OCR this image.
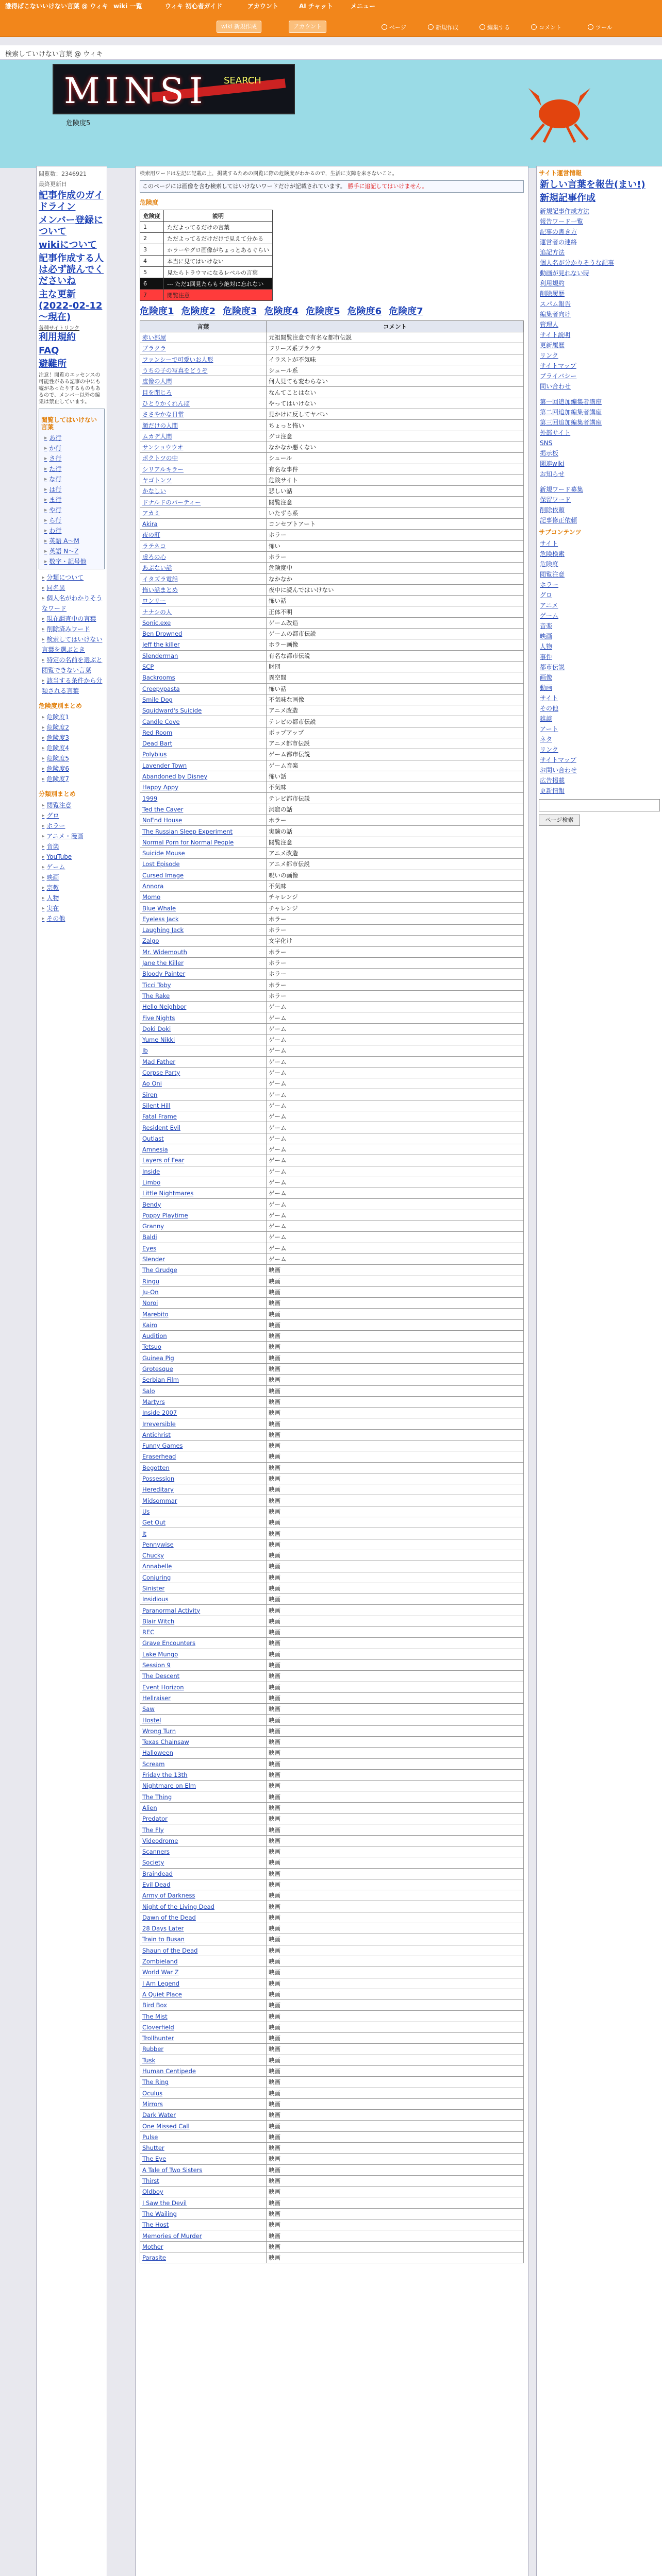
誰得ぱこないいけない言葉 @ ウィキ wiki 一覧	ウィキ 初心者ガイド	アカウント	AI チャット	メニュー
wiki 新規作成	アカウント	ページ	新規作成	編集する	コメント	ツール
検索していけない言葉 @ ウィキ
MINSI SEARCH
危険度5
閲覧数：2346921
最終更新日
記事作成のガイドライン
メンバー登録について
wikiについて
記事作成する人は必ず読んでくださいね
主な更新(2022-02-12～現在)
各種サイトリンク
利用規約
FAQ
避難所
注意！閲覧のエッセンスの可能性がある記事の中にも嘘があったりするものもあるので、メンバー以外の編集は禁止しています。
閲覧してはいけない言葉
▶ あ行
▶ か行
▶ さ行
▶ た行
▶ な行
▶ は行
▶ ま行
▶ や行
▶ ら行
▶ わ行
▶ 英語 A～M
▶ 英語 N～Z
▶ 数字・記号他
▶ 分類について
▶ 同名異
▶ 個人名がわかりそうなワード
▶ 現在調査中の言葉
▶ 削除済みワード
▶ 検索してはいけない言葉を選ぶとき
▶ 特定の名前を選ぶと閲覧できない言葉
▶ 該当する条件から分類される言葉
危険度別まとめ
▶ 危険度1
▶ 危険度2
▶ 危険度3
▶ 危険度4
▶ 危険度5
▶ 危険度6
▶ 危険度7
分類別まとめ
▶ 閲覧注意
▶ グロ
▶ ホラー
▶ アニメ・漫画
▶ 音楽
▶ YouTube
▶ ゲーム
▶ 映画
▶ 宗教
▶ 人物
▶ 実在
▶ その他
検索用ワードは左記に記載の上，掲載するための閲覧に際の危険度がわかるので，生活に支障を来さないこと。
このページには画像を含む検索してはいけないワードだけが記載されています。 勝手に追記してはいけません。
危険度
危険度	説明
1	ただよってるだけの言葉
2	ただよってるだけだけで見えて分かる
3	ホラーやグロ画像がちょっとあるぐらい
4	本当に見てはいけない
5	見たらトラウマになるレベルの言葉
6	--- ただ1回見たらもう絶対に忘れない
7	閲覧注意
危険度1 危険度2 危険度3 危険度4 危険度5 危険度6 危険度7
言葉	コメント
赤い部屋	元祖閲覧注意で有名な都市伝説
ブラクラ	フリーズ系ブラクラ
ファンシーで可愛いお人形	イラストが不気味
うちの子の写真をどうぞ	シュール系
虚像の人間	何人見ても変わらない
目を閉じろ	なんてことはない
ひとりかくれんぼ	やってはいけない
ささやかな日常	見かけに反してヤバい
顔だけの人間	ちょっと怖い
ムカデ人間	グロ注意
サンショウウオ	なかなか悪くない
ボクトツの中	シュール
シリアルキラー	有名な事件
ヤゴトンツ	危険サイト
かなしい	悲しい話
ドナルドのパーティー	閲覧注意
アカミ	いたずら系
Akira	コンセプトアート
夜の町	ホラー
ラテネコ	怖い
虚ろの心	ホラー
あぶない話	危険度中
イタズラ電話	なかなか
怖い話まとめ	夜中に読んではいけない
ロンリー	怖い話
ナナシの人	正体不明
Sonic.exe	ゲーム改造
Ben Drowned	ゲームの都市伝説
Jeff the killer	ホラー画像
Slenderman	有名な都市伝説
SCP	財団
Backrooms	異空間
Creepypasta	怖い話
Smile Dog	不気味な画像
Squidward's Suicide	アニメ改造
Candle Cove	テレビの都市伝説
Red Room	ポップアップ
Dead Bart	アニメ都市伝説
Polybius	ゲーム都市伝説
Lavender Town	ゲーム音楽
Abandoned by Disney	怖い話
Happy Appy	不気味
1999	テレビ都市伝説
Ted the Caver	洞窟の話
NoEnd House	ホラー
The Russian Sleep Experiment	実験の話
Normal Porn for Normal People	閲覧注意
Suicide Mouse	アニメ改造
Lost Episode	アニメ都市伝説
Cursed Image	呪いの画像
Annora	不気味
Momo	チャレンジ
Blue Whale	チャレンジ
Eyeless Jack	ホラー
Laughing Jack	ホラー
Zalgo	文字化け
Mr. Widemouth	ホラー
Jane the Killer	ホラー
Bloody Painter	ホラー
Ticci Toby	ホラー
The Rake	ホラー
Hello Neighbor	ゲーム
Five Nights	ゲーム
Doki Doki	ゲーム
Yume Nikki	ゲーム
Ib	ゲーム
Mad Father	ゲーム
Corpse Party	ゲーム
Ao Oni	ゲーム
Siren	ゲーム
Silent Hill	ゲーム
Fatal Frame	ゲーム
Resident Evil	ゲーム
Outlast	ゲーム
Amnesia	ゲーム
Layers of Fear	ゲーム
Inside	ゲーム
Limbo	ゲーム
Little Nightmares	ゲーム
Bendy	ゲーム
Poppy Playtime	ゲーム
Granny	ゲーム
Baldi	ゲーム
Eyes	ゲーム
Slender	ゲーム
The Grudge	映画
Ringu	映画
Ju-On	映画
Noroi	映画
Marebito	映画
Kairo	映画
Audition	映画
Tetsuo	映画
Guinea Pig	映画
Grotesque	映画
Serbian Film	映画
Salo	映画
Martyrs	映画
Inside 2007	映画
Irreversible	映画
Antichrist	映画
Funny Games	映画
Eraserhead	映画
Begotten	映画
Possession	映画
Hereditary	映画
Midsommar	映画
Us	映画
Get Out	映画
It	映画
Pennywise	映画
Chucky	映画
Annabelle	映画
Conjuring	映画
Sinister	映画
Insidious	映画
Paranormal Activity	映画
Blair Witch	映画
REC	映画
Grave Encounters	映画
Lake Mungo	映画
Session 9	映画
The Descent	映画
Event Horizon	映画
Hellraiser	映画
Saw	映画
Hostel	映画
Wrong Turn	映画
Texas Chainsaw	映画
Halloween	映画
Scream	映画
Friday the 13th	映画
Nightmare on Elm	映画
The Thing	映画
Alien	映画
Predator	映画
The Fly	映画
Videodrome	映画
Scanners	映画
Society	映画
Braindead	映画
Evil Dead	映画
Army of Darkness	映画
Night of the Living Dead	映画
Dawn of the Dead	映画
28 Days Later	映画
Train to Busan	映画
Shaun of the Dead	映画
Zombieland	映画
World War Z	映画
I Am Legend	映画
A Quiet Place	映画
Bird Box	映画
The Mist	映画
Cloverfield	映画
Trollhunter	映画
Rubber	映画
Tusk	映画
Human Centipede	映画
The Ring	映画
Oculus	映画
Mirrors	映画
Dark Water	映画
One Missed Call	映画
Pulse	映画
Shutter	映画
The Eye	映画
A Tale of Two Sisters	映画
Thirst	映画
Oldboy	映画
I Saw the Devil	映画
The Wailing	映画
The Host	映画
Memories of Murder	映画
Mother	映画
Parasite	映画
サイト運営情報
新しい言葉を報告(まい!)
新規記事作成
新規記事作成方法
報告ワード一覧
記事の書き方
運営者の連絡
追記方法
個人名が分かりそうな記事
動画が見れない時
利用規約
削除履歴
スパム報告
編集者向け
管理人
サイト説明
更新履歴
リンク
サイトマップ
プライバシー
問い合わせ
第一回追加編集者講座
第二回追加編集者講座
第三回追加編集者講座
外部サイト
SNS
掲示板
関連wiki
お知らせ
新規ワード募集
保留ワード
削除依頼
記事修正依頼
サブコンテンツ
サイト
危険検索
危険度
閲覧注意
ホラー
グロ
アニメ
ゲーム
音楽
映画
人物
事件
都市伝説
画像
動画
サイト
その他
雑談
アート
ネタ
リンク
サイトマップ
お問い合わせ
広告掲載
更新情報
ページ検索
